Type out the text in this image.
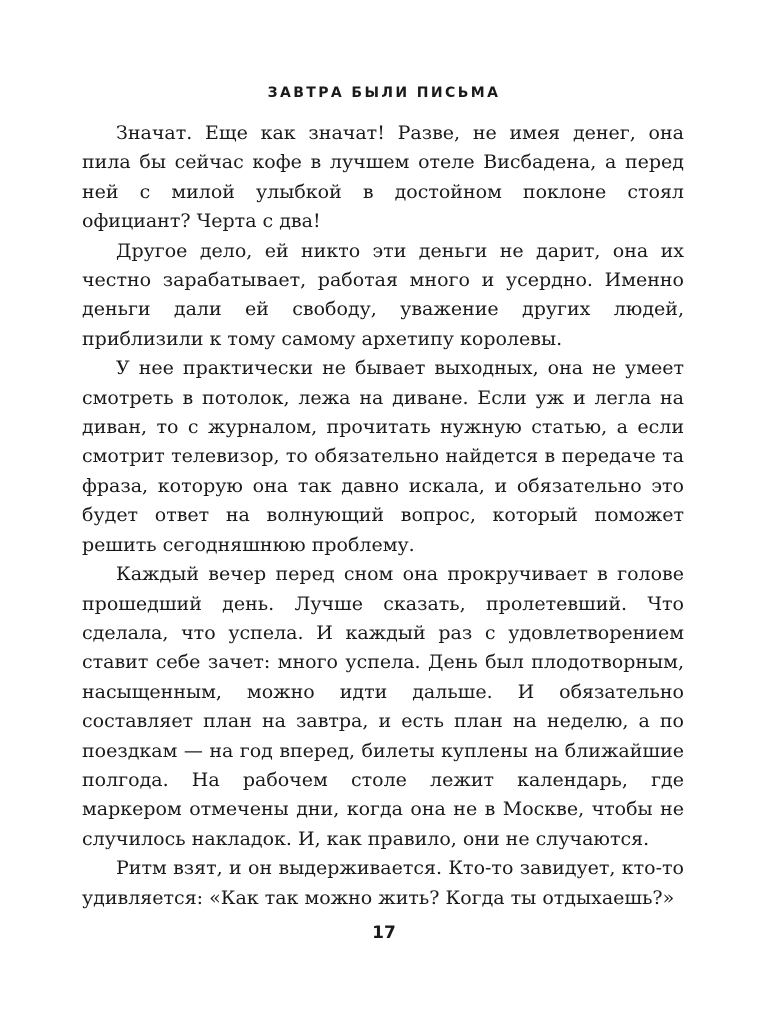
ЗАВТРА БЫЛИ ПИСЬМА

Значат. Еще как значат! Разве, не имея денег, она пила бы сейчас кофе в лучшем отеле Висбадена, а перед ней с милой улыбкой в достойном поклоне стоял официант? Черта с два!

Другое дело, ей никто эти деньги не дарит, она их честно зарабатывает, работая много и усердно. Именно деньги дали ей свободу, уважение других людей, приблизили к тому самому архетипу королевы.

У нее практически не бывает выходных, она не умеет смотреть в потолок, лежа на диване. Если уж и легла на диван, то с журналом, прочитать нужную статью, а если смотрит телевизор, то обязательно найдется в передаче та фраза, которую она так давно искала, и обязательно это будет ответ на волнующий вопрос, который поможет решить сегодняшнюю проблему.

Каждый вечер перед сном она прокручивает в голове прошедший день. Лучше сказать, пролетевший. Что сделала, что успела. И каждый раз с удовлетворением ставит себе зачет: много успела. День был плодотворным, насыщенным, можно идти дальше. И обязательно составляет план на завтра, и есть план на неделю, а по поездкам — на год вперед, билеты куплены на ближайшие полгода. На рабочем столе лежит календарь, где маркером отмечены дни, когда она не в Москве, чтобы не случилось накладок. И, как правило, они не случаются.

Ритм взят, и он выдерживается. Кто-то завидует, кто-то удивляется: «Как так можно жить? Когда ты отдыхаешь?»

17
